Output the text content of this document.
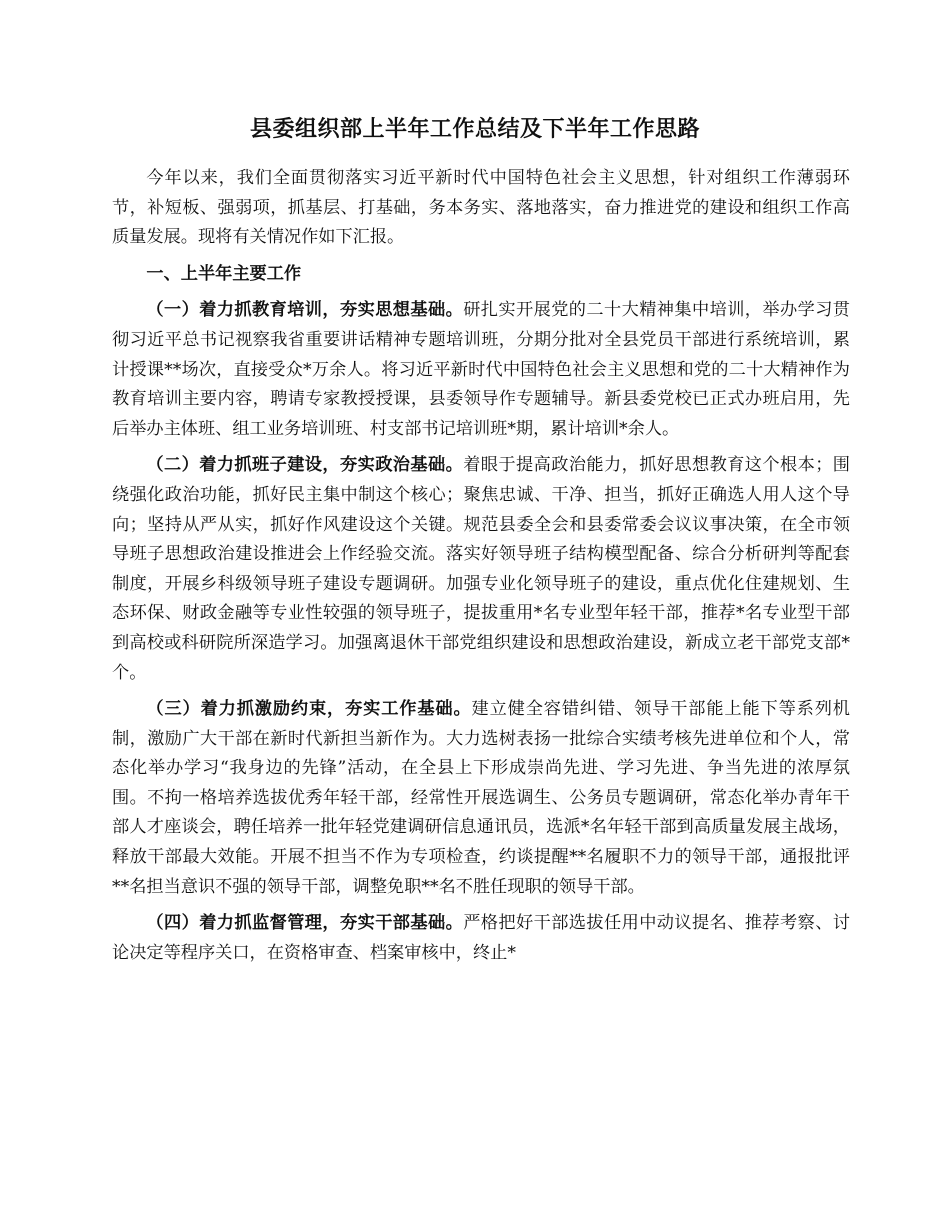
县委组织部上半年工作总结及下半年工作思路

今年以来，我们全面贯彻落实习近平新时代中国特色社会主义思想，针对组织工作薄弱环节，补短板、强弱项，抓基层、打基础，务本务实、落地落实，奋力推进党的建设和组织工作高质量发展。现将有关情况作如下汇报。

一、上半年主要工作

（一）着力抓教育培训，夯实思想基础。研扎实开展党的二十大精神集中培训，举办学习贯彻习近平总书记视察我省重要讲话精神专题培训班，分期分批对全县党员干部进行系统培训，累计授课**场次，直接受众*万余人。将习近平新时代中国特色社会主义思想和党的二十大精神作为教育培训主要内容，聘请专家教授授课，县委领导作专题辅导。新县委党校已正式办班启用，先后举办主体班、组工业务培训班、村支部书记培训班*期，累计培训*余人。

（二）着力抓班子建设，夯实政治基础。着眼于提高政治能力，抓好思想教育这个根本；围绕强化政治功能，抓好民主集中制这个核心；聚焦忠诚、干净、担当，抓好正确选人用人这个导向；坚持从严从实，抓好作风建设这个关键。规范县委全会和县委常委会议议事决策，在全市领导班子思想政治建设推进会上作经验交流。落实好领导班子结构模型配备、综合分析研判等配套制度，开展乡科级领导班子建设专题调研。加强专业化领导班子的建设，重点优化住建规划、生态环保、财政金融等专业性较强的领导班子，提拔重用*名专业型年轻干部，推荐*名专业型干部到高校或科研院所深造学习。加强离退休干部党组织建设和思想政治建设，新成立老干部党支部*个。

（三）着力抓激励约束，夯实工作基础。建立健全容错纠错、领导干部能上能下等系列机制，激励广大干部在新时代新担当新作为。大力选树表扬一批综合实绩考核先进单位和个人，常态化举办学习“我身边的先锋”活动，在全县上下形成崇尚先进、学习先进、争当先进的浓厚氛围。不拘一格培养选拔优秀年轻干部，经常性开展选调生、公务员专题调研，常态化举办青年干部人才座谈会，聘任培养一批年轻党建调研信息通讯员，选派*名年轻干部到高质量发展主战场，释放干部最大效能。开展不担当不作为专项检查，约谈提醒**名履职不力的领导干部，通报批评**名担当意识不强的领导干部，调整免职**名不胜任现职的领导干部。

（四）着力抓监督管理，夯实干部基础。严格把好干部选拔任用中动议提名、推荐考察、讨论决定等程序关口，在资格审查、档案审核中，终止*
